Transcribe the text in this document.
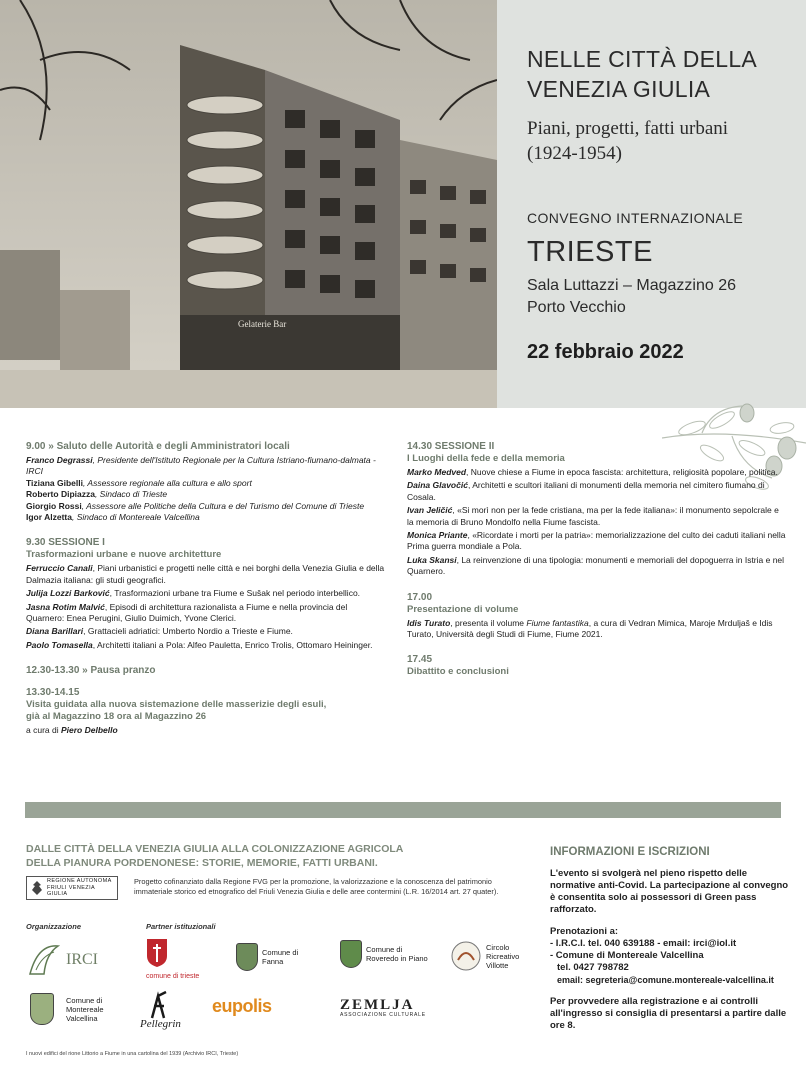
Gelaterie Bar
NELLE CITTÀ DELLA
VENEZIA GIULIA
Piani, progetti, fatti urbani
(1924-1954)
CONVEGNO INTERNAZIONALE
TRIESTE
Sala Luttazzi – Magazzino 26
Porto Vecchio
22 febbraio 2022
9.00 » Saluto delle Autorità e degli Amministratori locali
Franco Degrassi, Presidente dell'Istituto Regionale per la Cultura Istriano-fiumano-dalmata - IRCI
Tiziana Gibelli, Assessore regionale alla cultura e allo sport
Roberto Dipiazza, Sindaco di Trieste
Giorgio Rossi, Assessore alle Politiche della Cultura e del Turismo del Comune di Trieste
Igor Alzetta, Sindaco di Montereale Valcellina
9.30 SESSIONE I
Trasformazioni urbane e nuove architetture
Ferruccio Canali, Piani urbanistici e progetti nelle città e nei borghi della Venezia Giulia e della Dalmazia italiana: gli studi geografici.
Julija Lozzi Barković, Trasformazioni urbane tra Fiume e Sušak nel periodo interbellico.
Jasna Rotim Malvić, Episodi di architettura razionalista a Fiume e nella provincia del Quarnero: Enea Perugini, Giulio Duimich, Yvone Clerici.
Diana Barillari, Grattacieli adriatici: Umberto Nordio a Trieste e Fiume.
Paolo Tomasella, Architetti italiani a Pola: Alfeo Pauletta, Enrico Trolis, Ottomaro Heininger.
12.30-13.30 » Pausa pranzo
13.30-14.15
Visita guidata alla nuova sistemazione delle masserizie degli esuli,
già al Magazzino 18 ora al Magazzino 26
a cura di Piero Delbello
14.30 SESSIONE II
I Luoghi della fede e della memoria
Marko Medved, Nuove chiese a Fiume in epoca fascista: architettura, religiosità popolare, politica.
Daina Glavočić, Architetti e scultori italiani di monumenti della memoria nel cimitero fiumano di Cosala.
Ivan Jeličić, «Si morì non per la fede cristiana, ma per la fede italiana»: il monumento sepolcrale e la memoria di Bruno Mondolfo nella Fiume fascista.
Monica Priante, «Ricordate i morti per la patria»: memorializzazione del culto dei caduti italiani nella Prima guerra mondiale a Pola.
Luka Skansi, La reinvenzione di una tipologia: monumenti e memoriali del dopoguerra in Istria e nel Quarnero.
17.00
Presentazione di volume
Idis Turato, presenta il volume Fiume fantastika, a cura di Vedran Mimica, Maroje Mrduljaš e Idis Turato, Università degli Studi di Fiume, Fiume 2021.
17.45
Dibattito e conclusioni
DALLE CITTÀ DELLA VENEZIA GIULIA ALLA COLONIZZAZIONE AGRICOLA
DELLA PIANURA PORDENONESE: STORIE, MEMORIE, FATTI URBANI.
REGIONE AUTONOMA
FRIULI VENEZIA GIULIA
Progetto cofinanziato dalla Regione FVG per la promozione, la valorizzazione e la conoscenza del patrimonio immateriale storico ed etnografico del Friuli Venezia Giulia e delle aree contermini (L.R. 16/2014 art. 27 quater).
Organizzazione	Partner istituzionali
IRCI
comune di trieste
Comune di
Fanna
Comune di
Roveredo in Piano
Circolo
Ricreativo
Villotte
Comune di
Montereale
Valcellina	Pellegrin
eupolis	ZEMLJA
ASSOCIAZIONE CULTURALE
INFORMAZIONI E ISCRIZIONI

L'evento si svolgerà nel pieno rispetto delle normative anti-Covid. La partecipazione al convegno è consentita solo ai possessori di Green pass rafforzato.

Prenotazioni a:

- I.R.C.I. tel. 040 639188 - email: irci@iol.it

- Comune di Montereale Valcellina

tel. 0427 798782

email: segreteria@comune.montereale-valcellina.it

Per provvedere alla registrazione e ai controlli all'ingresso si consiglia di presentarsi a partire dalle ore 8.

I nuovi edifici del rione Littorio a Fiume in una cartolina del 1939 (Archivio IRCI, Trieste)
